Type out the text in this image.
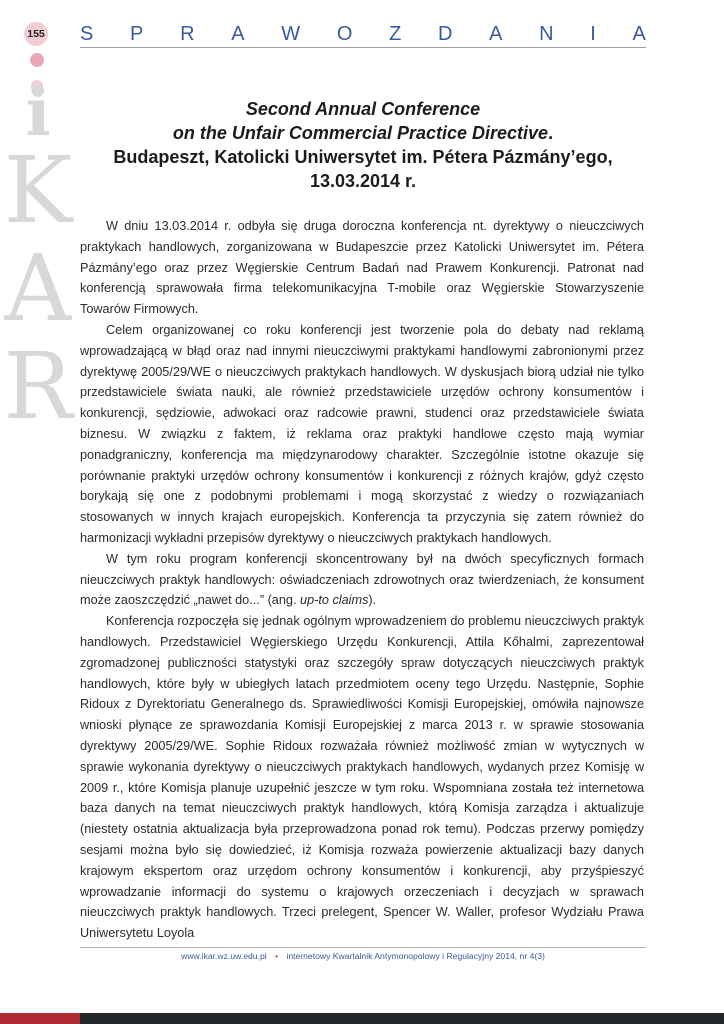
155
i
K
A
R
S P R A W O Z D A N I A
Second Annual Conference
on the Unfair Commercial Practice Directive.
Budapeszt, Katolicki Uniwersytet im. Pétera Pázmány’ego,
13.03.2014 r.

W dniu 13.03.2014 r. odbyła się druga doroczna konferencja nt. dyrektywy o nieuczciwych praktykach handlowych, zorganizowana w Budapeszcie przez Katolicki Uniwersytet im. Pétera Pázmány’ego oraz przez Węgierskie Centrum Badań nad Prawem Konkurencji. Patronat nad konferencją sprawowała firma telekomunikacyjna T-mobile oraz Węgierskie Stowarzyszenie Towarów Firmowych.

Celem organizowanej co roku konferencji jest tworzenie pola do debaty nad reklamą wprowadzającą w błąd oraz nad innymi nieuczciwymi praktykami handlowymi zabronionymi przez dyrektywę 2005/29/WE o nieuczciwych praktykach handlowych. W dyskusjach biorą udział nie tylko przedstawiciele świata nauki, ale również przedstawiciele urzędów ochrony konsumentów i konkurencji, sędziowie, adwokaci oraz radcowie prawni, studenci oraz przedstawiciele świata biznesu. W związku z faktem, iż reklama oraz praktyki handlowe często mają wymiar ponadgraniczny, konferencja ma międzynarodowy charakter. Szczególnie istotne okazuje się porównanie praktyki urzędów ochrony konsumentów i konkurencji z różnych krajów, gdyż często borykają się one z podobnymi problemami i mogą skorzystać z wiedzy o rozwiązaniach stosowanych w innych krajach europejskich. Konferencja ta przyczynia się zatem również do harmonizacji wykładni przepisów dyrektywy o nieuczciwych praktykach handlowych.

W tym roku program konferencji skoncentrowany był na dwóch specyficznych formach nieuczciwych praktyk handlowych: oświadczeniach zdrowotnych oraz twierdzeniach, że konsument może zaoszczędzić „nawet do...” (ang. up-to claims).

Konferencja rozpoczęła się jednak ogólnym wprowadzeniem do problemu nieuczciwych praktyk handlowych. Przedstawiciel Węgierskiego Urzędu Konkurencji, Attila Kőhalmi, zaprezentował zgromadzonej publiczności statystyki oraz szczegóły spraw dotyczących nieuczciwych praktyk handlowych, które były w ubiegłych latach przedmiotem oceny tego Urzędu. Następnie, Sophie Ridoux z Dyrektoriatu Generalnego ds. Sprawiedliwości Komisji Europejskiej, omówiła najnowsze wnioski płynące ze sprawozdania Komisji Europejskiej z marca 2013 r. w sprawie stosowania dyrektywy 2005/29/WE. Sophie Ridoux rozważała również możliwość zmian w wytycznych w sprawie wykonania dyrektywy o nieuczciwych praktykach handlowych, wydanych przez Komisję w 2009 r., które Komisja planuje uzupełnić jeszcze w tym roku. Wspomniana została też internetowa baza danych na temat nieuczciwych praktyk handlowych, którą Komisja zarządza i aktualizuje (niestety ostatnia aktualizacja była przeprowadzona ponad rok temu). Podczas przerwy pomiędzy sesjami można było się dowiedzieć, iż Komisja rozważa powierzenie aktualizacji bazy danych krajowym ekspertom oraz urzędom ochrony konsumentów i konkurencji, aby przyśpieszyć wprowadzanie informacji do systemu o krajowych orzeczeniach i decyzjach w sprawach nieuczciwych praktyk handlowych. Trzeci prelegent, Spencer W. Waller, profesor Wydziału Prawa Uniwersytetu Loyola

www.ikar.wz.uw.edu.pl • internetowy Kwartalnik Antymonopolowy i Regulacyjny 2014, nr 4(3)
